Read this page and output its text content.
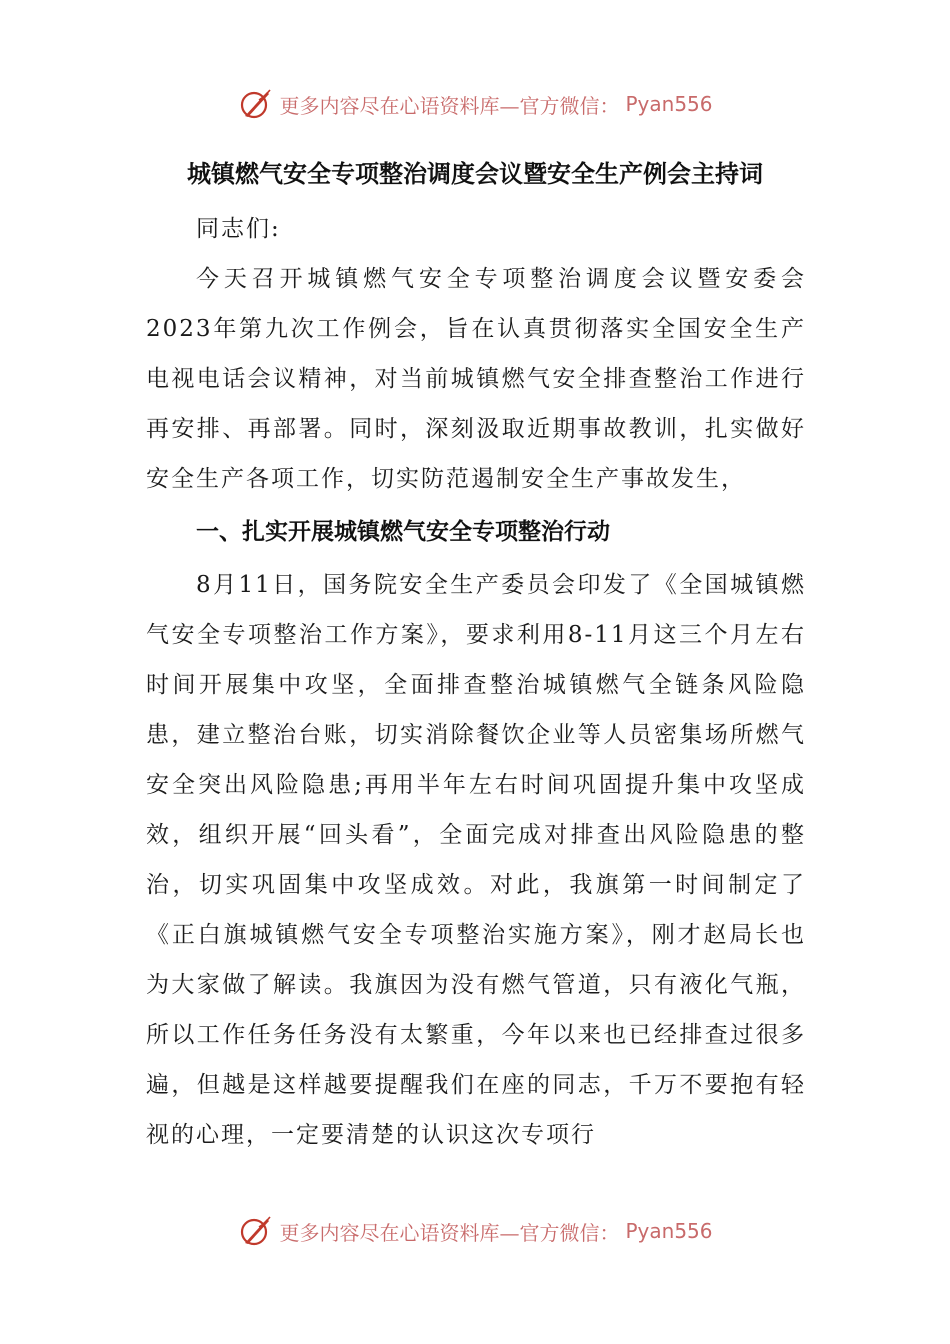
更多内容尽在心语资料库—官方微信： Pyan556
城镇燃气安全专项整治调度会议暨安全生产例会主持词
同志们:
今天召开城镇燃气安全专项整治调度会议暨安委会2023年第九次工作例会，旨在认真贯彻落实全国安全生产电视电话会议精神，对当前城镇燃气安全排查整治工作进行再安排、再部署。同时，深刻汲取近期事故教训，扎实做好安全生产各项工作，切实防范遏制安全生产事故发生，
一、扎实开展城镇燃气安全专项整治行动
8月11日，国务院安全生产委员会印发了《全国城镇燃气安全专项整治工作方案》，要求利用8-11月这三个月左右时间开展集中攻坚，全面排查整治城镇燃气全链条风险隐患，建立整治台账，切实消除餐饮企业等人员密集场所燃气安全突出风险隐患;再用半年左右时间巩固提升集中攻坚成效，组织开展“回头看”，全面完成对排查出风险隐患的整治，切实巩固集中攻坚成效。对此，我旗第一时间制定了《正白旗城镇燃气安全专项整治实施方案》，刚才赵局长也为大家做了解读。我旗因为没有燃气管道，只有液化气瓶，所以工作任务任务没有太繁重，今年以来也已经排查过很多遍，但越是这样越要提醒我们在座的同志，千万不要抱有轻视的心理，一定要清楚的认识这次专项行
更多内容尽在心语资料库—官方微信： Pyan556
